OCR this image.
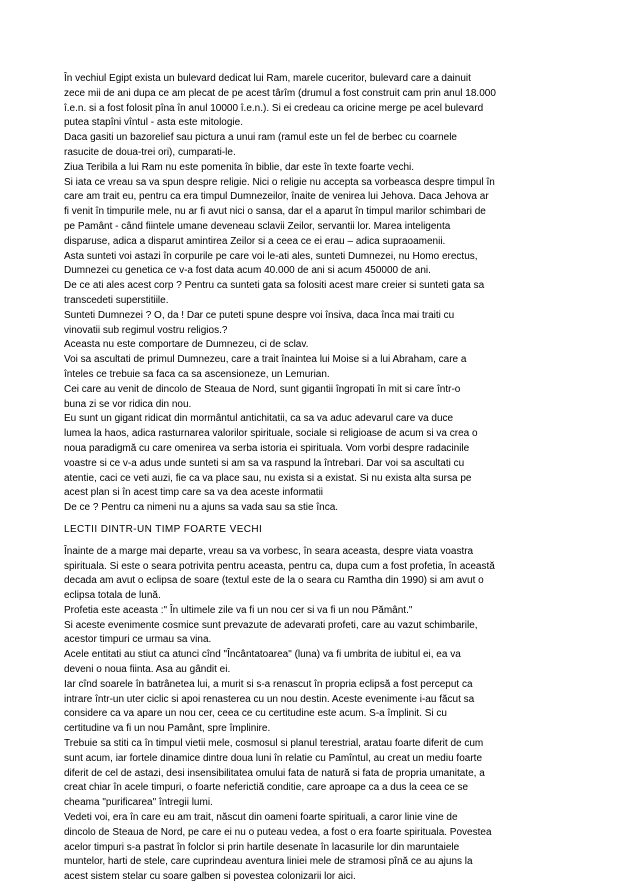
În vechiul Egipt exista un bulevard dedicat lui Ram, marele cuceritor, bulevard care a dainuit
zece mii de ani dupa ce am plecat de pe acest târîm (drumul a fost construit cam prin anul 18.000
î.e.n. si a fost folosit pîna în anul 10000 î.e.n.). Si ei credeau ca oricine merge pe acel bulevard
putea stapîni vîntul - asta este mitologie.
Daca gasiti un bazorelief sau pictura a unui ram (ramul este un fel de berbec cu coarnele
rasucite de doua-trei ori), cumparati-le.
Ziua Teribila a lui Ram nu este pomenita în biblie, dar este în texte foarte vechi.
Si iata ce vreau sa va spun despre religie. Nici o religie nu accepta sa vorbeasca despre timpul în
care am trait eu, pentru ca era timpul Dumnezeilor, înaite de venirea lui Jehova. Daca Jehova ar
fi venit în timpurile mele, nu ar fi avut nici o sansa, dar el a aparut în timpul marilor schimbari de
pe Pamânt - când fiintele umane deveneau sclavii Zeilor, servantii lor. Marea inteligenta
disparuse, adica a disparut amintirea Zeilor si a ceea ce ei erau – adica supraoamenii.
Asta sunteti voi astazi în corpurile pe care voi le-ati ales, sunteti Dumnezei, nu Homo erectus,
Dumnezei cu genetica ce v-a fost data acum 40.000 de ani si acum 450000 de ani.
De ce ati ales acest corp ? Pentru ca sunteti gata sa folositi acest mare creier si sunteti gata sa
transcedeti superstitiile.
Sunteti Dumnezei ? O, da ! Dar ce puteti spune despre voi însiva, daca înca mai traiti cu
vinovatii sub regimul vostru religios.?
Aceasta nu este comportare de Dumnezeu, ci de sclav.
Voi sa ascultati de primul Dumnezeu, care a trait înaintea lui Moise si a lui Abraham, care a
înteles ce trebuie sa faca ca sa ascensioneze, un Lemurian.
Cei care au venit de dincolo de Steaua de Nord, sunt gigantii îngropati în mit si care într-o
buna zi se vor ridica din nou.
Eu sunt un gigant ridicat din mormântul antichitatii, ca sa va aduc adevarul care va duce
lumea la haos, adica rasturnarea valorilor spirituale, sociale si religioase de acum si va crea o
noua paradigmă cu care omenirea va serba istoria ei spirituala. Vom vorbi despre radacinile
voastre si ce v-a adus unde sunteti si am sa va raspund la întrebari. Dar voi sa ascultati cu
atentie, caci ce veti auzi, fie ca va place sau, nu exista si a existat. Si nu exista alta sursa pe
acest plan si în acest timp care sa va dea aceste informatii
De ce ? Pentru ca nimeni nu a ajuns sa vada sau sa stie înca.
LECTII DINTR-UN TIMP FOARTE VECHI
Înainte de a marge mai departe, vreau sa va vorbesc, în seara aceasta, despre viata voastra
spirituala. Si este o seara potrivita pentru aceasta, pentru ca, dupa cum a fost profetia, în această
decada am avut o eclipsa de soare (textul este de la o seara cu Ramtha din 1990) si am avut o
eclipsa totala de lună.
Profetia este aceasta :" În ultimele zile va fi un nou cer si va fi un nou Pământ."
Si aceste evenimente cosmice sunt prevazute de adevarati profeti, care au vazut schimbarile,
acestor timpuri ce urmau sa vina.
Acele entitati au stiut ca atunci cînd "Încântatoarea" (luna) va fi umbrita de iubitul ei, ea va
deveni o noua fiinta. Asa au gândit ei.
Iar cînd soarele în batrânetea lui, a murit si s-a renascut în propria eclipsă a fost perceput ca
intrare într-un uter ciclic si apoi renasterea cu un nou destin. Aceste evenimente i-au făcut sa
considere ca va apare un nou cer, ceea ce cu certitudine este acum. S-a împlinit. Si cu
certitudine va fi un nou Pamânt, spre împlinire.
Trebuie sa stiti ca în timpul vietii mele, cosmosul si planul terestrial, aratau foarte diferit de cum
sunt acum, iar fortele dinamice dintre doua luni în relatie cu Pamîntul, au creat un mediu foarte
diferit de cel de astazi, desi insensibilitatea omului fata de natură si fata de propria umanitate, a
creat chiar în acele timpuri, o foarte neferictiă conditie, care aproape ca a dus la ceea ce se
cheama "purificarea" întregii lumi.
Vedeti voi, era în care eu am trait, născut din oameni foarte spirituali, a caror linie vine de
dincolo de Steaua de Nord, pe care ei nu o puteau vedea, a fost o era foarte spirituala. Povestea
acelor timpuri s-a pastrat în folclor si prin hartile desenate în lacasurile lor din maruntaiele
muntelor, harti de stele, care cuprindeau aventura liniei mele de stramosi pînă ce au ajuns la
acest sistem stelar cu soare galben si povestea colonizarii lor aici.
